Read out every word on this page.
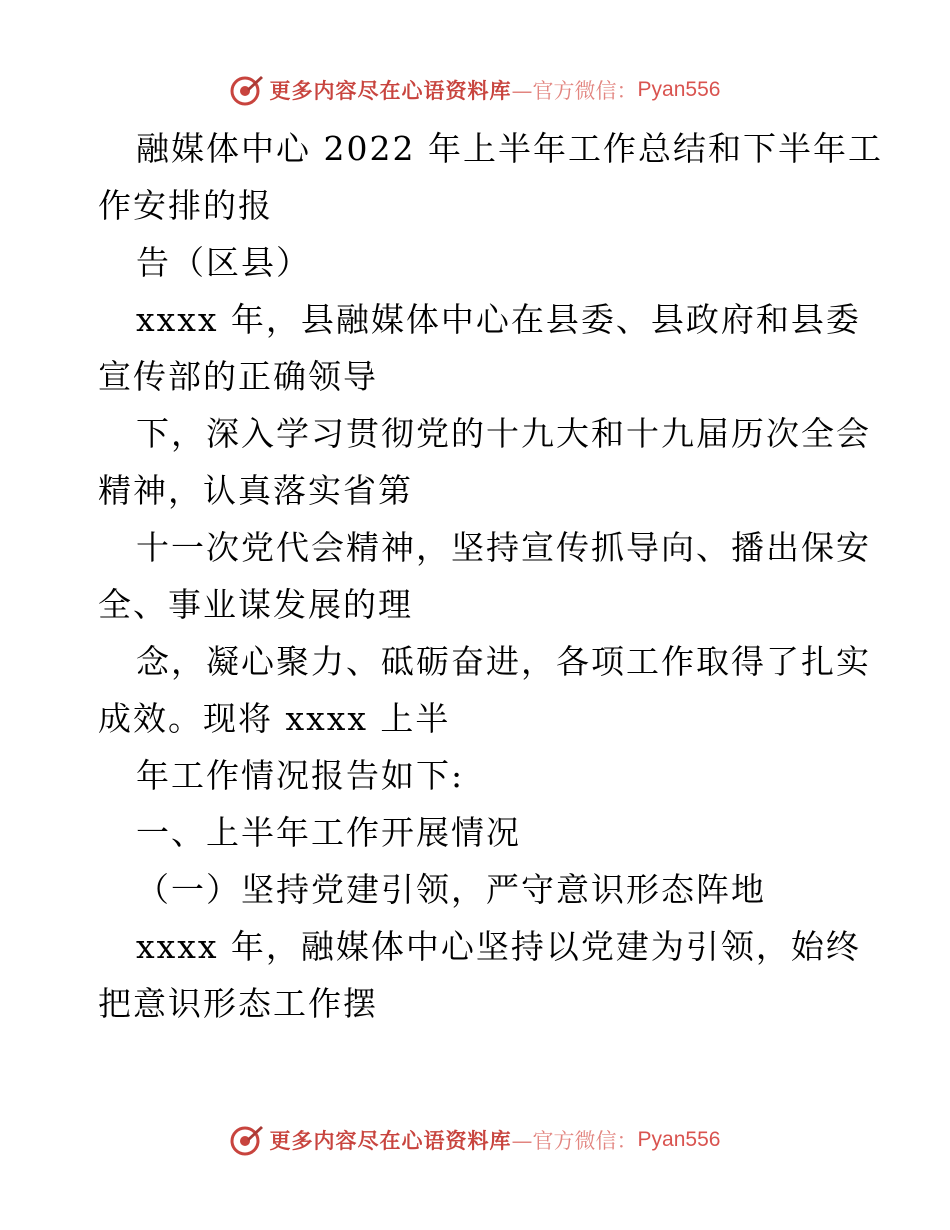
更多内容尽在心语资料库 —官方微信： Pyan556
融媒体中心 2022 年上半年工作总结和下半年工
作安排的报
告（区县）
xxxx 年，县融媒体中心在县委、县政府和县委
宣传部的正确领导
下，深入学习贯彻党的十九大和十九届历次全会
精神，认真落实省第
十一次党代会精神，坚持宣传抓导向、播出保安
全、事业谋发展的理
念，凝心聚力、砥砺奋进，各项工作取得了扎实
成效。现将 xxxx 上半
年工作情况报告如下:
一、上半年工作开展情况
（一）坚持党建引领，严守意识形态阵地
xxxx 年，融媒体中心坚持以党建为引领，始终
把意识形态工作摆
更多内容尽在心语资料库 —官方微信： Pyan556
